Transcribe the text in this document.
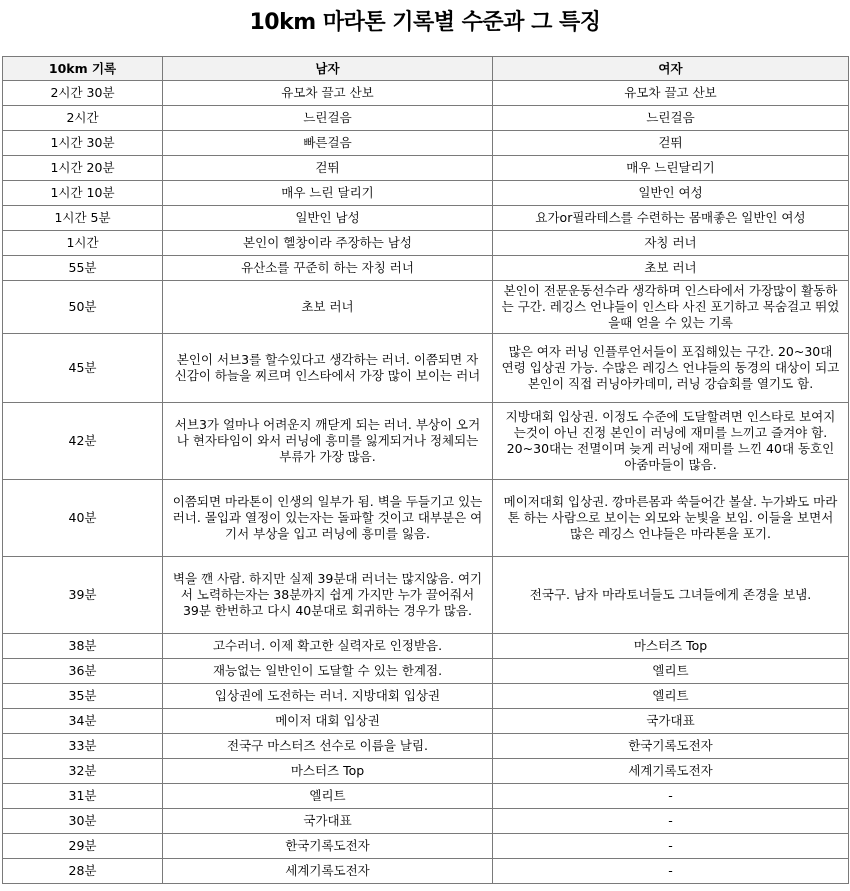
10km 마라톤 기록별 수준과 그 특징
10km 기록	남자	여자
2시간 30분	유모차 끌고 산보	유모차 끌고 산보
2시간	느린걸음	느린걸음
1시간 30분	빠른걸음	걷뛰
1시간 20분	걷뛰	매우 느린달리기
1시간 10분	매우 느린 달리기	일반인 여성
1시간 5분	일반인 남성	요가or필라테스를 수련하는 몸매좋은 일반인 여성
1시간	본인이 헬창이라 주장하는 남성	자칭 러너
55분	유산소를 꾸준히 하는 자칭 러너	초보 러너
50분	초보 러너	본인이 전문운동선수라 생각하며 인스타에서 가장많이 활동하는 구간. 레깅스 언냐들이 인스타 사진 포기하고 목숨걸고 뛰었을때 얻을 수 있는 기록
45분	본인이 서브3를 할수있다고 생각하는 러너. 이쯤되면 자신감이 하늘을 찌르며 인스타에서 가장 많이 보이는 러너	많은 여자 러닝 인플루언서들이 포집해있는 구간. 20~30대 연령 입상권 가능. 수많은 레깅스 언냐들의 동경의 대상이 되고 본인이 직접 러닝아카데미, 러닝 강습회를 열기도 함.
42분	서브3가 얼마나 어려운지 깨닫게 되는 러너. 부상이 오거나 현자타임이 와서 러닝에 흥미를 잃게되거나 정체되는 부류가 가장 많음.	지방대회 입상권. 이정도 수준에 도달할려면 인스타로 보여지는것이 아닌 진정 본인이 러닝에 재미를 느끼고 즐겨야 함. 20~30대는 전멸이며 늦게 러닝에 재미를 느낀 40대 동호인 아줌마들이 많음.
40분	이쯤되면 마라톤이 인생의 일부가 됨. 벽을 두들기고 있는 러너. 몰입과 열정이 있는자는 돌파할 것이고 대부분은 여기서 부상을 입고 러닝에 흥미를 잃음.	메이저대회 입상권. 깡마른몸과 쑥들어간 볼살. 누가봐도 마라톤 하는 사람으로 보이는 외모와 눈빛을 보임. 이들을 보면서 많은 레깅스 언냐들은 마라톤을 포기.
39분	벽을 깬 사람. 하지만 실제 39분대 러너는 많지않음. 여기서 노력하는자는 38분까지 쉽게 가지만 누가 끌어줘서 39분 한번하고 다시 40분대로 회귀하는 경우가 많음.	전국구. 남자 마라토너들도 그녀들에게 존경을 보냄.
38분	고수러너. 이제 확고한 실력자로 인정받음.	마스터즈 Top
36분	재능없는 일반인이 도달할 수 있는 한계점.	엘리트
35분	입상권에 도전하는 러너. 지방대회 입상권	엘리트
34분	메이저 대회 입상권	국가대표
33분	전국구 마스터즈 선수로 이름을 날림.	한국기록도전자
32분	마스터즈 Top	세계기록도전자
31분	엘리트	-
30분	국가대표	-
29분	한국기록도전자	-
28분	세계기록도전자	-
